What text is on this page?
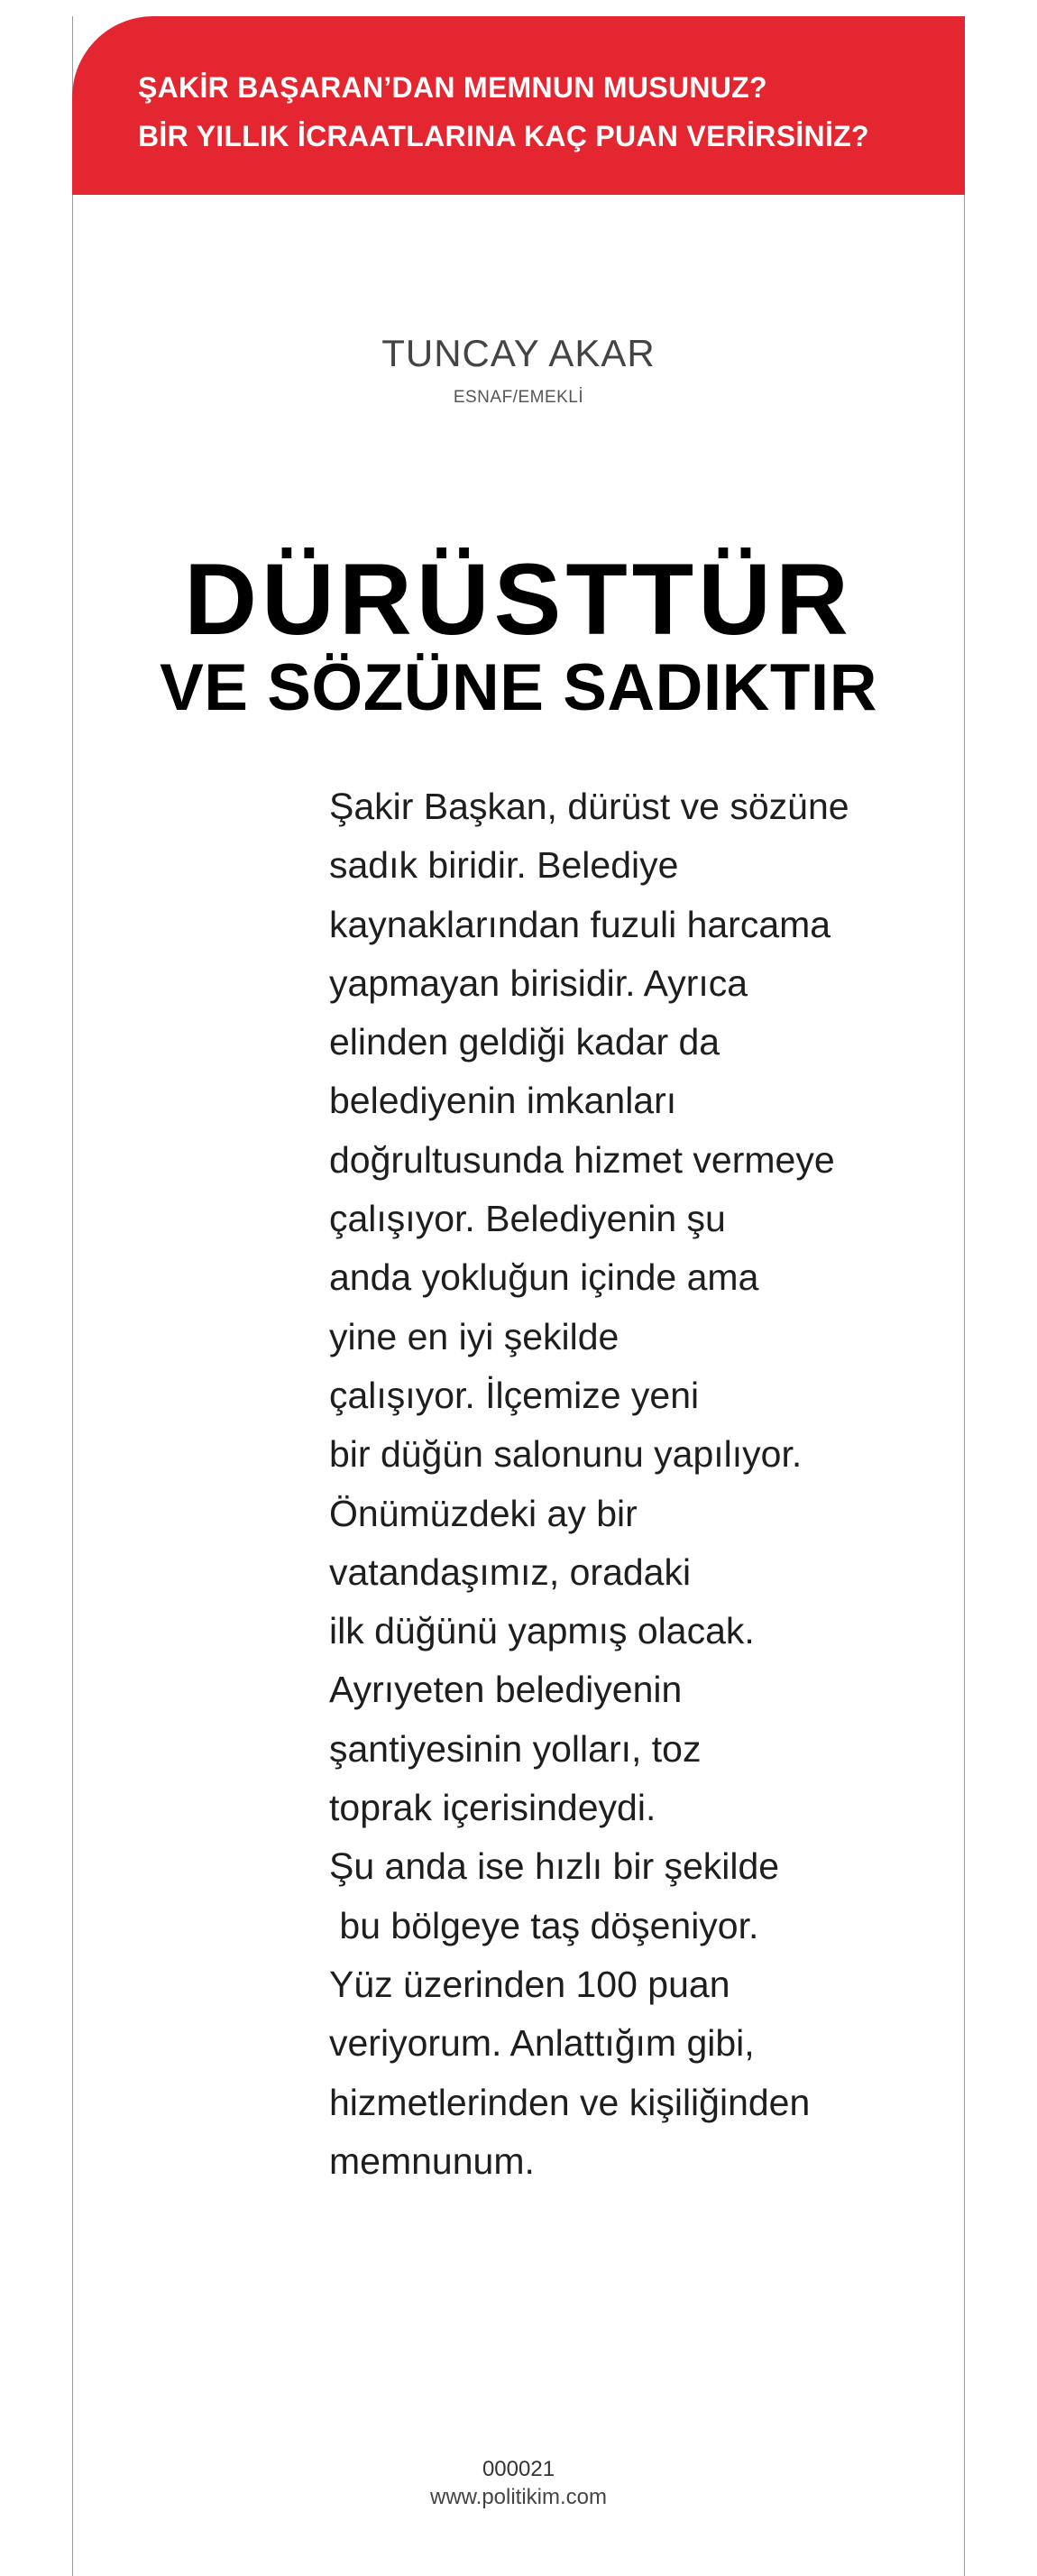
ŞAKİR BAŞARAN’DAN MEMNUN MUSUNUZ?
BİR YILLIK İCRAATLARINA KAÇ PUAN VERİRSİNİZ?
TUNCAY AKAR
ESNAF/EMEKLİ
DÜRÜSTTÜR
VE SÖZÜNE SADIKTIR
Şakir Başkan, dürüst ve sözüne
sadık biridir. Belediye
kaynaklarından fuzuli harcama
yapmayan birisidir. Ayrıca
elinden geldiği kadar da
belediyenin imkanları
doğrultusunda hizmet vermeye
çalışıyor. Belediyenin şu
anda yokluğun içinde ama
yine en iyi şekilde
çalışıyor. İlçemize yeni
bir düğün salonunu yapılıyor.
Önümüzdeki ay bir
vatandaşımız, oradaki
ilk düğünü yapmış olacak.
Ayrıyeten belediyenin
şantiyesinin yolları, toz
toprak içerisindeydi.
Şu anda ise hızlı bir şekilde
bu bölgeye taş döşeniyor.
Yüz üzerinden 100 puan
veriyorum. Anlattığım gibi,
hizmetlerinden ve kişiliğinden
memnunum.
000021
www.politikim.com
